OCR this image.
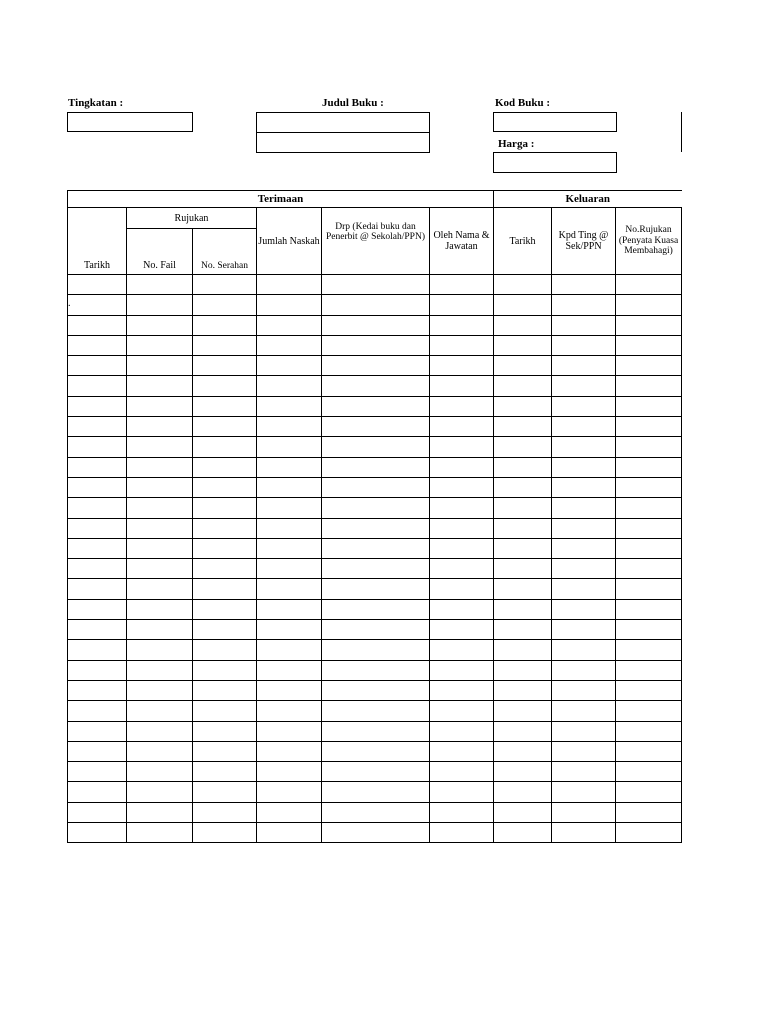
Tingkatan :	Judul Buku :	Kod Buku :
Harga :
Terimaan						Keluaran		
Tarikh	Rujukan		Jumlah Naskah	Drp (Kedai buku dan Penerbit @ Sekolah/PPN)	Oleh Nama & Jawatan	Tarikh	Kpd Ting @ Sek/PPN	No.Rujukan (Penyata Kuasa Membahagi)
	No. Fail	No. Serahan						

.
